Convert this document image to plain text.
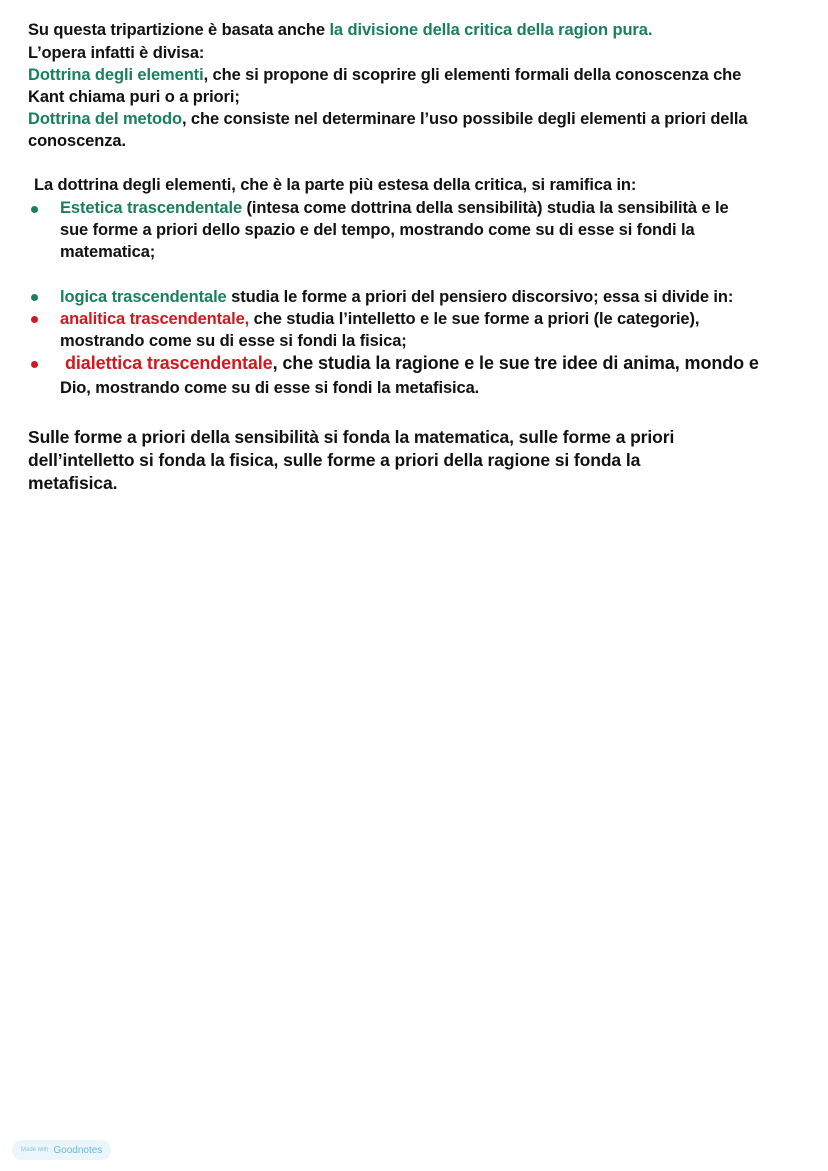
Su questa tripartizione è basata anche la divisione della critica della ragion pura.
L’opera infatti è divisa:
Dottrina degli elementi, che si propone di scoprire gli elementi formali della conoscenza che
Kant chiama puri o a priori;
Dottrina del metodo, che consiste nel determinare l’uso possibile degli elementi a priori della
conoscenza.
La dottrina degli elementi, che è la parte più estesa della critica, si ramifica in:
Estetica trascendentale (intesa come dottrina della sensibilità) studia la sensibilità e le
sue forme a priori dello spazio e del tempo, mostrando come su di esse si fondi la
matematica;
logica trascendentale studia le forme a priori del pensiero discorsivo; essa si divide in:
analitica trascendentale, che studia l’intelletto e le sue forme a priori (le categorie),
mostrando come su di esse si fondi la fisica;
dialettica trascendentale, che studia la ragione e le sue tre idee di anima, mondo e
Dio, mostrando come su di esse si fondi la metafisica.
Sulle forme a priori della sensibilità si fonda la matematica, sulle forme a priori
dell’intelletto si fonda la fisica, sulle forme a priori della ragione si fonda la
metafisica.
Made with Goodnotes
